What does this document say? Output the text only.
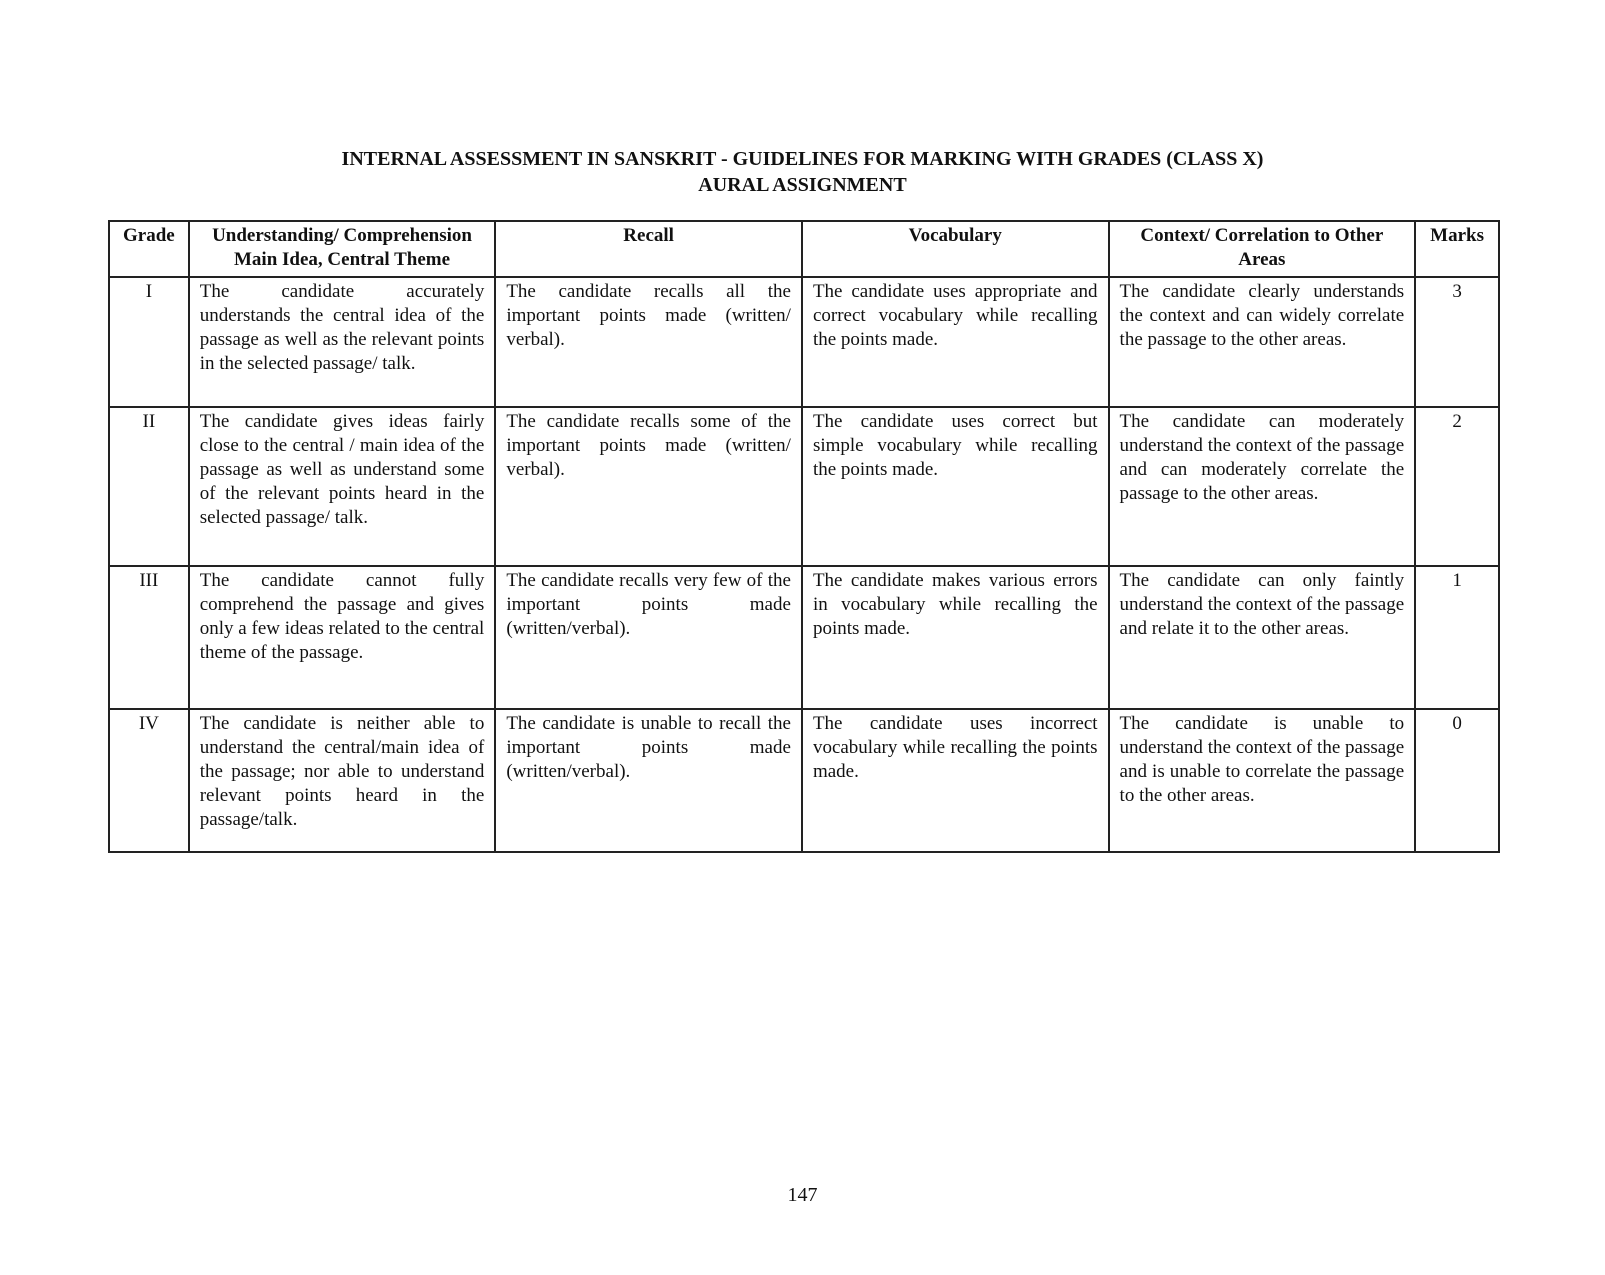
INTERNAL ASSESSMENT IN SANSKRIT - GUIDELINES FOR MARKING WITH GRADES (CLASS X)
AURAL ASSIGNMENT
Grade	Understanding/ Comprehension Main Idea, Central Theme	Recall	Vocabulary	Context/ Correlation to Other Areas	Marks
I	The candidate accurately understands the central idea of the passage as well as the relevant points in the selected passage/ talk.	The candidate recalls all the important points made (written/ verbal).	The candidate uses appropriate and correct vocabulary while recalling the points made.	The candidate clearly understands the context and can widely correlate the passage to the other areas.	3
II	The candidate gives ideas fairly close to the central / main idea of the passage as well as understand some of the relevant points heard in the selected passage/ talk.	The candidate recalls some of the important points made (written/ verbal).	The candidate uses correct but simple vocabulary while recalling the points made.	The candidate can moderately understand the context of the passage and can moderately correlate the passage to the other areas.	2
III	The candidate cannot fully comprehend the passage and gives only a few ideas related to the central theme of the passage.	The candidate recalls very few of the important points made (written/verbal).	The candidate makes various errors in vocabulary while recalling the points made.	The candidate can only faintly understand the context of the passage and relate it to the other areas.	1
IV	The candidate is neither able to understand the central/main idea of the passage; nor able to understand relevant points heard in the passage/talk.	The candidate is unable to recall the important points made (written/verbal).	The candidate uses incorrect vocabulary while recalling the points made.	The candidate is unable to understand the context of the passage and is unable to correlate the passage to the other areas.	0
147
